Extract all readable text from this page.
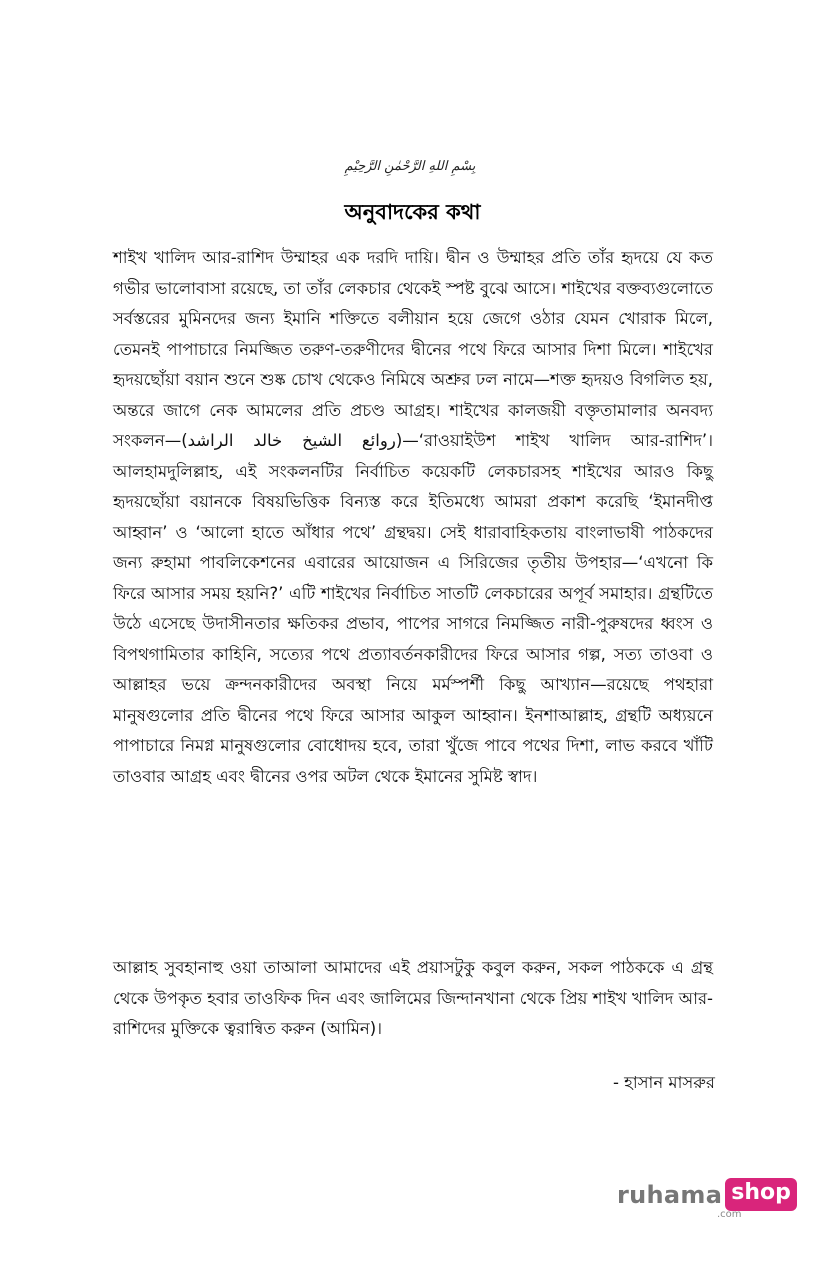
بِسْمِ اللهِ الرَّحْمٰنِ الرَّحِيْمِ
অনুবাদকের কথা

শাইখ খালিদ আর-রাশিদ উম্মাহর এক দরদি দায়ি। দ্বীন ও উম্মাহর প্রতি তাঁর হৃদয়ে যে কত গভীর ভালোবাসা রয়েছে, তা তাঁর লেকচার থেকেই স্পষ্ট বুঝে আসে। শাইখের বক্তব্যগুলোতে সর্বস্তরের মুমিনদের জন্য ইমানি শক্তিতে বলীয়ান হয়ে জেগে ওঠার যেমন খোরাক মিলে, তেমনই পাপাচারে নিমজ্জিত তরুণ-তরুণীদের দ্বীনের পথে ফিরে আসার দিশা মিলে। শাইখের হৃদয়ছোঁয়া বয়ান শুনে শুষ্ক চোখ থেকেও নিমিষে অশ্রুর ঢল নামে—শক্ত হৃদয়ও বিগলিত হয়, অন্তরে জাগে নেক আমলের প্রতি প্রচণ্ড আগ্রহ। শাইখের কালজয়ী বক্তৃতামালার অনবদ্য সংকলন—(روائع الشيخ خالد الراشد)—‘রাওয়াইউশ শাইখ খালিদ আর-রাশিদ’। আলহামদুলিল্লাহ, এই সংকলনটির নির্বাচিত কয়েকটি লেকচারসহ শাইখের আরও কিছু হৃদয়ছোঁয়া বয়ানকে বিষয়ভিত্তিক বিন্যস্ত করে ইতিমধ্যে আমরা প্রকাশ করেছি ‘ইমানদীপ্ত আহ্বান’ ও ‘আলো হাতে আঁধার পথে’ গ্রন্থদ্বয়। সেই ধারাবাহিকতায় বাংলাভাষী পাঠকদের জন্য রুহামা পাবলিকেশনের এবারের আয়োজন এ সিরিজের তৃতীয় উপহার—‘এখনো কি ফিরে আসার সময় হয়নি?’ এটি শাইখের নির্বাচিত সাতটি লেকচারের অপূর্ব সমাহার। গ্রন্থটিতে উঠে এসেছে উদাসীনতার ক্ষতিকর প্রভাব, পাপের সাগরে নিমজ্জিত নারী-পুরুষদের ধ্বংস ও বিপথগামিতার কাহিনি, সত্যের পথে প্রত্যাবর্তনকারীদের ফিরে আসার গল্প, সত্য তাওবা ও আল্লাহর ভয়ে ক্রন্দনকারীদের অবস্থা নিয়ে মর্মস্পর্শী কিছু আখ্যান—রয়েছে পথহারা মানুষগুলোর প্রতি দ্বীনের পথে ফিরে আসার আকুল আহ্বান। ইনশাআল্লাহ, গ্রন্থটি অধ্যয়নে পাপাচারে নিমগ্ন মানুষগুলোর বোধোদয় হবে, তারা খুঁজে পাবে পথের দিশা, লাভ করবে খাঁটি তাওবার আগ্রহ এবং দ্বীনের ওপর অটল থেকে ইমানের সুমিষ্ট স্বাদ।

আল্লাহ সুবহানাহু ওয়া তাআলা আমাদের এই প্রয়াসটুকু কবুল করুন, সকল পাঠককে এ গ্রন্থ থেকে উপকৃত হবার তাওফিক দিন এবং জালিমের জিন্দানখানা থেকে প্রিয় শাইখ খালিদ আর-রাশিদের মুক্তিকে ত্বরান্বিত করুন (আমিন)।

- হাসান মাসরুর
ruhama shop
.com
